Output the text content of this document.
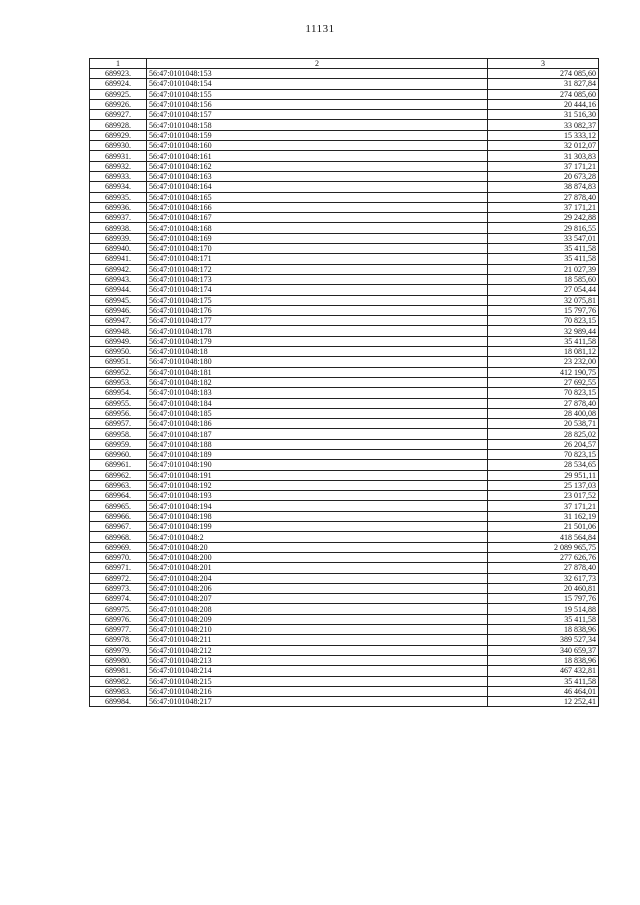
11131
1	2	3
689923.	56:47:0101048:153	274 085,60
689924.	56:47:0101048:154	31 827,84
689925.	56:47:0101048:155	274 085,60
689926.	56:47:0101048:156	20 444,16
689927.	56:47:0101048:157	31 516,30
689928.	56:47:0101048:158	33 082,37
689929.	56:47:0101048:159	15 333,12
689930.	56:47:0101048:160	32 012,07
689931.	56:47:0101048:161	31 303,83
689932.	56:47:0101048:162	37 171,21
689933.	56:47:0101048:163	20 673,28
689934.	56:47:0101048:164	38 874,83
689935.	56:47:0101048:165	27 878,40
689936.	56:47:0101048:166	37 171,21
689937.	56:47:0101048:167	29 242,88
689938.	56:47:0101048:168	29 816,55
689939.	56:47:0101048:169	33 547,01
689940.	56:47:0101048:170	35 411,58
689941.	56:47:0101048:171	35 411,58
689942.	56:47:0101048:172	21 027,39
689943.	56:47:0101048:173	18 585,60
689944.	56:47:0101048:174	27 054,44
689945.	56:47:0101048:175	32 075,81
689946.	56:47:0101048:176	15 797,76
689947.	56:47:0101048:177	70 823,15
689948.	56:47:0101048:178	32 989,44
689949.	56:47:0101048:179	35 411,58
689950.	56:47:0101048:18	18 081,12
689951.	56:47:0101048:180	23 232,00
689952.	56:47:0101048:181	412 190,75
689953.	56:47:0101048:182	27 692,55
689954.	56:47:0101048:183	70 823,15
689955.	56:47:0101048:184	27 878,40
689956.	56:47:0101048:185	28 400,08
689957.	56:47:0101048:186	20 538,71
689958.	56:47:0101048:187	28 825,02
689959.	56:47:0101048:188	26 204,57
689960.	56:47:0101048:189	70 823,15
689961.	56:47:0101048:190	28 534,65
689962.	56:47:0101048:191	29 951,11
689963.	56:47:0101048:192	25 137,03
689964.	56:47:0101048:193	23 017,52
689965.	56:47:0101048:194	37 171,21
689966.	56:47:0101048:198	31 162,19
689967.	56:47:0101048:199	21 501,06
689968.	56:47:0101048:2	418 564,84
689969.	56:47:0101048:20	2 089 965,75
689970.	56:47:0101048:200	277 626,76
689971.	56:47:0101048:201	27 878,40
689972.	56:47:0101048:204	32 617,73
689973.	56:47:0101048:206	20 460,81
689974.	56:47:0101048:207	15 797,76
689975.	56:47:0101048:208	19 514,88
689976.	56:47:0101048:209	35 411,58
689977.	56:47:0101048:210	18 838,96
689978.	56:47:0101048:211	389 527,34
689979.	56:47:0101048:212	340 659,37
689980.	56:47:0101048:213	18 838,96
689981.	56:47:0101048:214	467 432,81
689982.	56:47:0101048:215	35 411,58
689983.	56:47:0101048:216	46 464,01
689984.	56:47:0101048:217	12 252,41
